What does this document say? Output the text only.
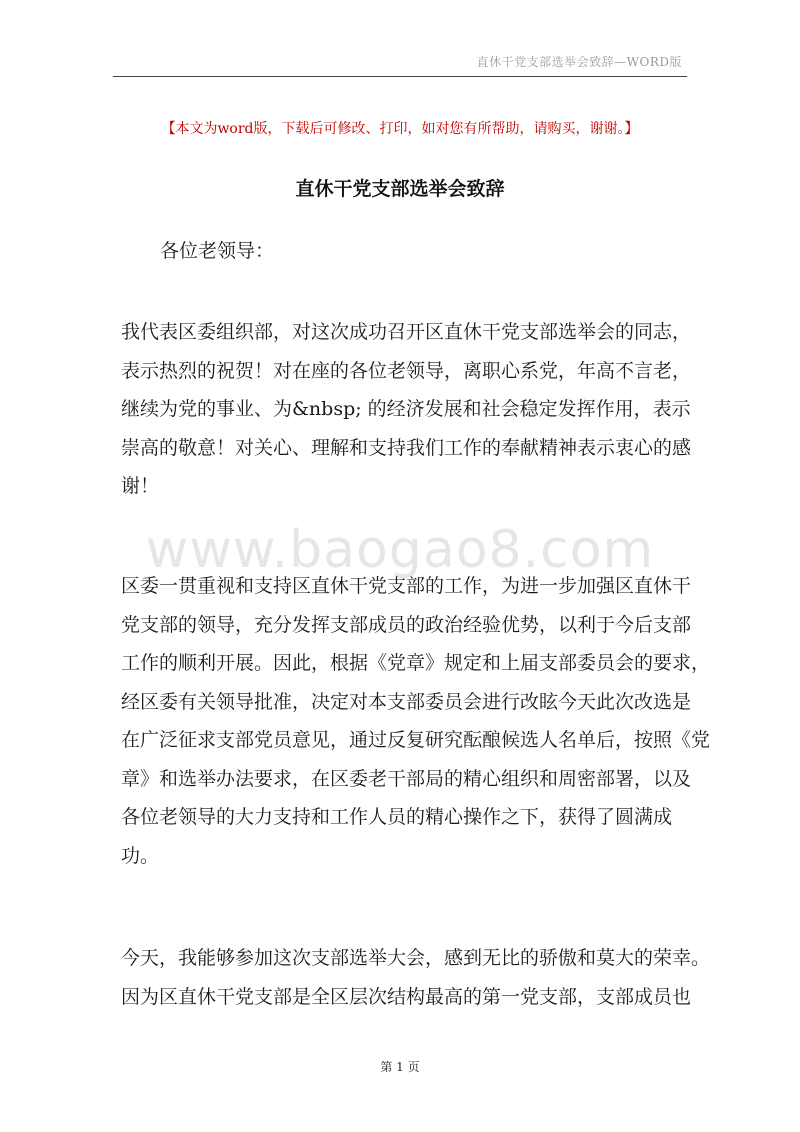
直休干党支部选举会致辞—WORD版
【本文为word版，下载后可修改、打印，如对您有所帮助，请购买，谢谢。】
直休干党支部选举会致辞
各位老领导：
我代表区委组织部，对这次成功召开区直休干党支部选举会的同志，
表示热烈的祝贺！对在座的各位老领导，离职心系党，年高不言老，
继续为党的事业、为&nbsp; 的经济发展和社会稳定发挥作用，表示
崇高的敬意！对关心、理解和支持我们工作的奉献精神表示衷心的感
谢！
www.baogao8.com
区委一贯重视和支持区直休干党支部的工作，为进一步加强区直休干
党支部的领导，充分发挥支部成员的政治经验优势，以利于今后支部
工作的顺利开展。因此，根据《党章》规定和上届支部委员会的要求，
经区委有关领导批准，决定对本支部委员会进行改眩今天此次改选是
在广泛征求支部党员意见，通过反复研究酝酿候选人名单后，按照《党
章》和选举办法要求，在区委老干部局的精心组织和周密部署，以及
各位老领导的大力支持和工作人员的精心操作之下，获得了圆满成
功。
今天，我能够参加这次支部选举大会，感到无比的骄傲和莫大的荣幸。
因为区直休干党支部是全区层次结构最高的第一党支部，支部成员也
第 1 页
